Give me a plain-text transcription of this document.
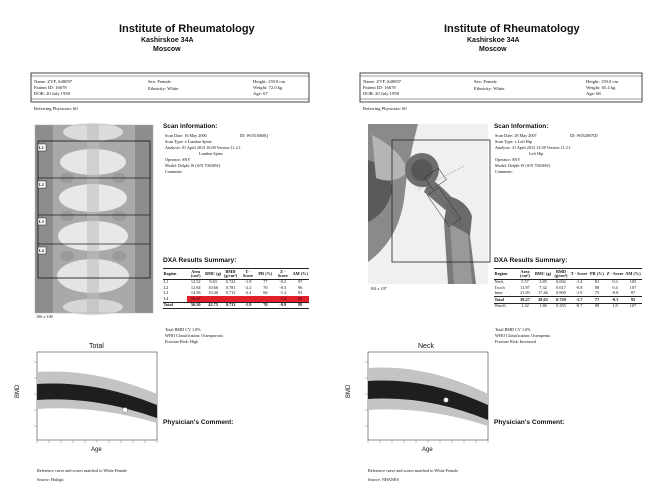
Institute of Rheumatology
Kashirskoe 34A
Moscow
Name: ZVF, S48097
Patient ID: 16678
DOB: 20 July 1958
Sex: Female
Ethnicity: White
Height: 159.0 cm
Weight: 72.0 kg
Age: 67
Referring Physician: 60
L1
L2
L3
L4
106 x 100
Scan Information:
Scan Date: 16 May 2006	ID: W0516060Q
Scan Type: x Lumbar Spine
Analysis: 01 April 2013 16:00 Version 11.2.1
Lumbar Spine
Operator: SNV
Model: Delphi W (S/N 70636W)
Comment:
DXA Results Summary:
Region	Area (cm²)	BMC (g)	BMD (g/cm²)	T - Score	PR (%)	Z - Score	AM (%)
L1	12.52	9.63	0.722	-1.9	77	-0.2	97
L2	12.84	10.66	0.781	-2.2	76	-0.3	96
L3	14.58	10.40	0.713	-2.4	66	-1.3	83
L4	16.57					-1.4	82
Total	56.50	42.75	0.733	-1.9	70	-0.9	88
Total BMD CV 1.0%
WHO Classification: Osteoporosis
Fracture Risk: High
Total
BMD
Age
Physician's Comment:
Reference curve and scores matched to White Female
Source: Hologic
Institute of Rheumatology
Kashirskoe 34A
Moscow
Name: ZVF, S48097
Patient ID: 16678
DOB: 20 July 1958
Sex: Female
Ethnicity: White
Height: 159.0 cm
Weight: 65.4 kg
Age: 68
Referring Physician: 60
104 x 107
Scan Information:
Scan Date: 28 May 2007	ID: W052807ID
Scan Type: x Left Hip
Analysis: 31 April 2013 13:58 Version 11.2.1
Left Hip
Operator: SNV
Model: Delphi W (S/N 70636W)
Comment:
DXA Results Summary:
Region	Area (cm²)	BMC (g)	BMD (g/cm²)	T - Score	PR (%)	Z - Score	AM (%)
Neck	5.57	3.85	0.692	-1.4	81	0.3	105
Troch	11.87	7.32	0.617	-0.8	88	0.4	107
Inter	21.83	17.46	0.800	-1.9	73	-0.8	87
Total	39.27	28.63	0.729	-1.7	77	-0.3	95
Ward's	1.32	1.86	0.355	-0.7	89	1.8	107
Total BMD CV 1.0%
WHO Classification: Osteopenia
Fracture Risk: Increased
Neck
BMD
Age
Physician's Comment:
Reference curve and scores matched to White Female
Source: NHANES
